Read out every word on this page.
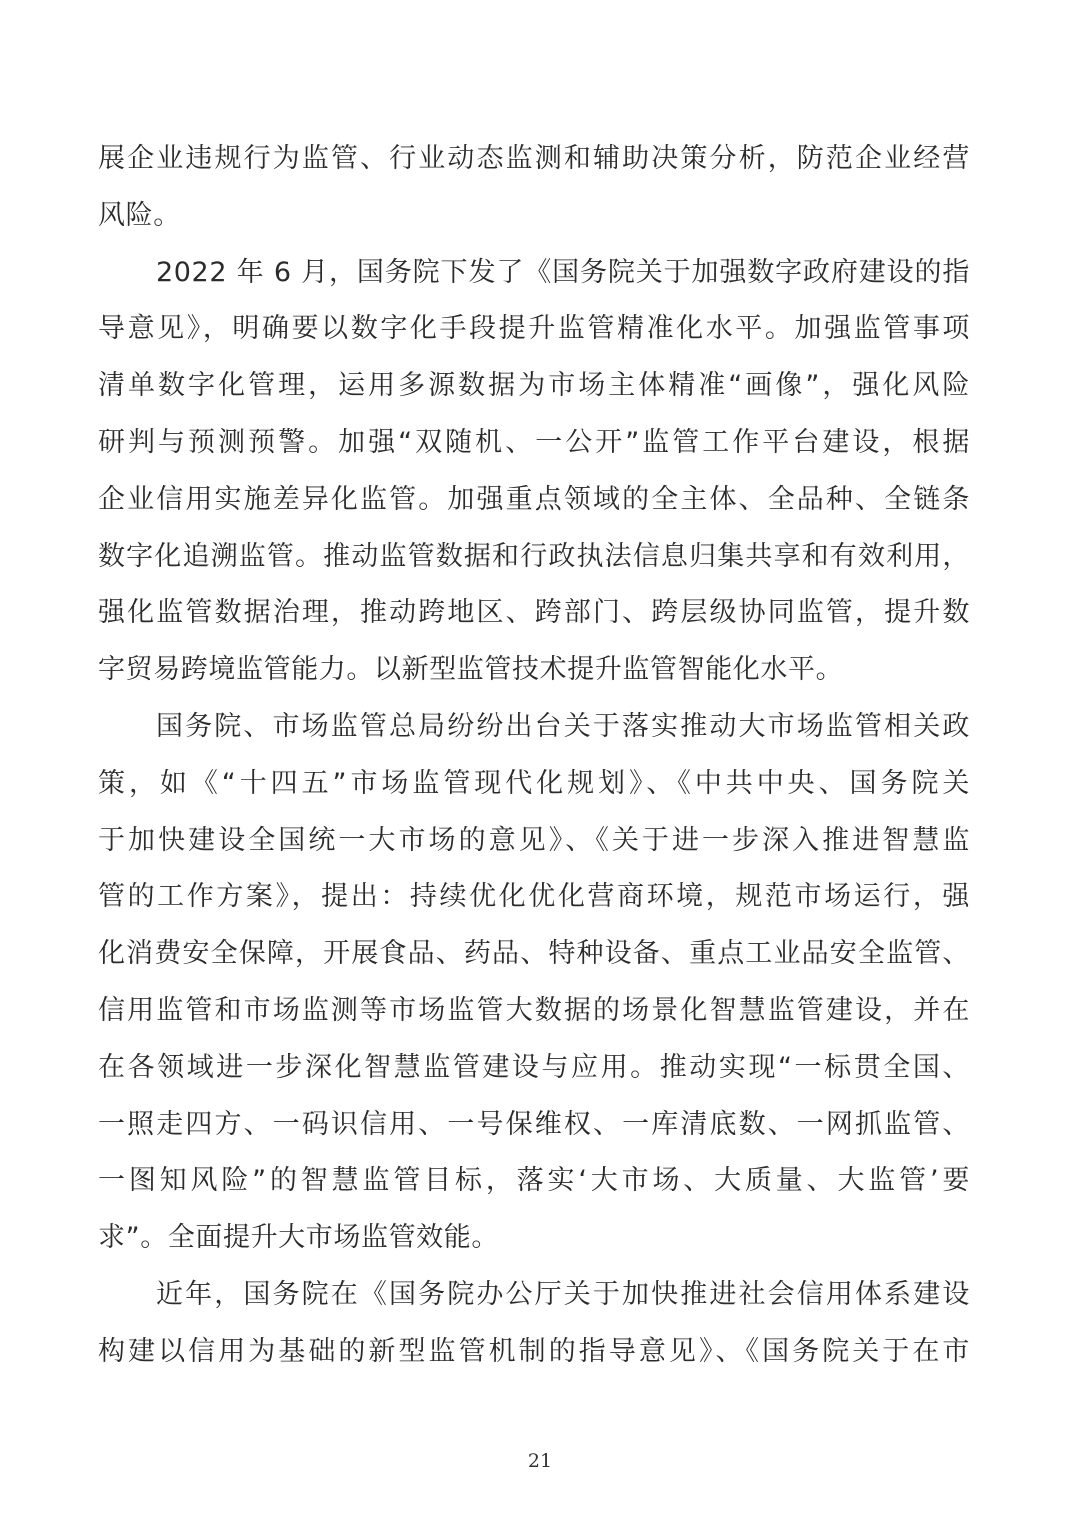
展企业违规行为监管、行业动态监测和辅助决策分析，防范企业经营
风险。
2022 年 6 月，国务院下发了《国务院关于加强数字政府建设的指
导意见》，明确要以数字化手段提升监管精准化水平。加强监管事项
清单数字化管理，运用多源数据为市场主体精准“画像”，强化风险
研判与预测预警。加强“双随机、一公开”监管工作平台建设，根据
企业信用实施差异化监管。加强重点领域的全主体、全品种、全链条
数字化追溯监管。推动监管数据和行政执法信息归集共享和有效利用，
强化监管数据治理，推动跨地区、跨部门、跨层级协同监管，提升数
字贸易跨境监管能力。以新型监管技术提升监管智能化水平。
国务院、市场监管总局纷纷出台关于落实推动大市场监管相关政
策，如《“十四五”市场监管现代化规划》、《中共中央、国务院关
于加快建设全国统一大市场的意见》、《关于进一步深入推进智慧监
管的工作方案》，提出：持续优化优化营商环境，规范市场运行，强
化消费安全保障，开展食品、药品、特种设备、重点工业品安全监管、
信用监管和市场监测等市场监管大数据的场景化智慧监管建设，并在
在各领域进一步深化智慧监管建设与应用。推动实现“一标贯全国、
一照走四方、一码识信用、一号保维权、一库清底数、一网抓监管、
一图知风险”的智慧监管目标，落实‘大市场、大质量、大监管’要
求”。全面提升大市场监管效能。
近年，国务院在《国务院办公厅关于加快推进社会信用体系建设
构建以信用为基础的新型监管机制的指导意见》、《国务院关于在市
21
